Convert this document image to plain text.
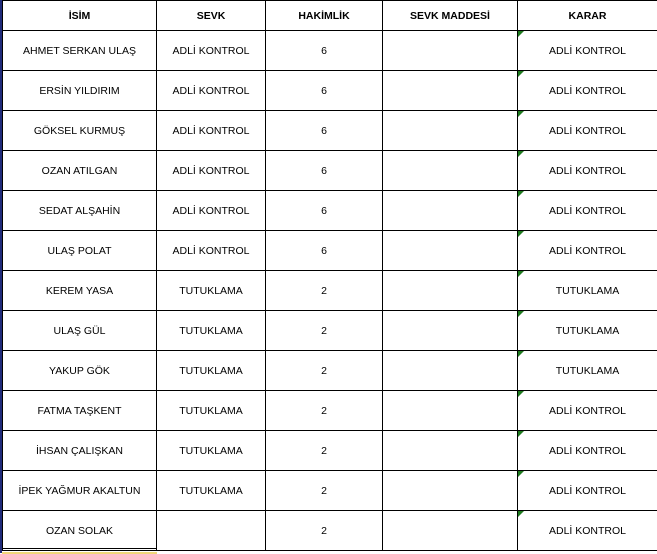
İSİM	SEVK	HAKİMLİK	SEVK MADDESİ	KARAR
AHMET SERKAN ULAŞ	ADLİ KONTROL	6		ADLİ KONTROL

ERSİN YILDIRIM	ADLİ KONTROL	6		ADLİ KONTROL

GÖKSEL KURMUŞ	ADLİ KONTROL	6		ADLİ KONTROL

OZAN ATILGAN	ADLİ KONTROL	6		ADLİ KONTROL

SEDAT ALŞAHİN	ADLİ KONTROL	6		ADLİ KONTROL

ULAŞ POLAT	ADLİ KONTROL	6		ADLİ KONTROL

KEREM YASA	TUTUKLAMA	2		TUTUKLAMA

ULAŞ GÜL	TUTUKLAMA	2		TUTUKLAMA

YAKUP GÖK	TUTUKLAMA	2		TUTUKLAMA

FATMA TAŞKENT	TUTUKLAMA	2		ADLİ KONTROL

İHSAN ÇALIŞKAN	TUTUKLAMA	2		ADLİ KONTROL

İPEK YAĞMUR AKALTUN	TUTUKLAMA	2		ADLİ KONTROL

OZAN SOLAK		2		ADLİ KONTROL
